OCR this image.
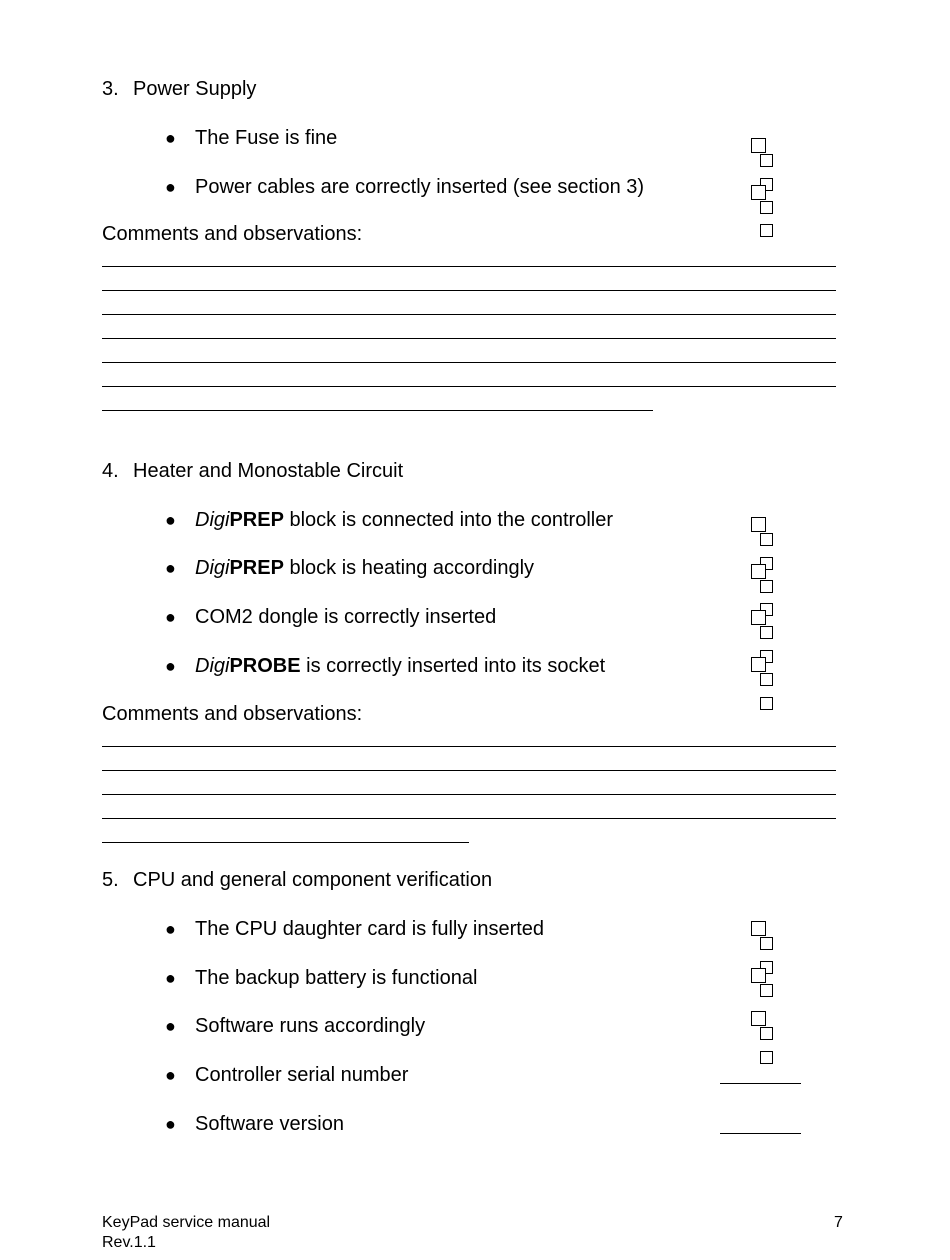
3. Power Supply
● The Fuse is fine
● Power cables are correctly inserted (see section 3)
Comments and observations:
4. Heater and Monostable Circuit
● DigiPREP block is connected into the controller
● DigiPREP block is heating accordingly
● COM2 dongle is correctly inserted
● DigiPROBE is correctly inserted into its socket
Comments and observations:
5. CPU and general component verification
● The CPU daughter card is fully inserted
● The backup battery is functional
● Software runs accordingly
● Controller serial number
● Software version
KeyPad service manual
Rev.1.1
7
